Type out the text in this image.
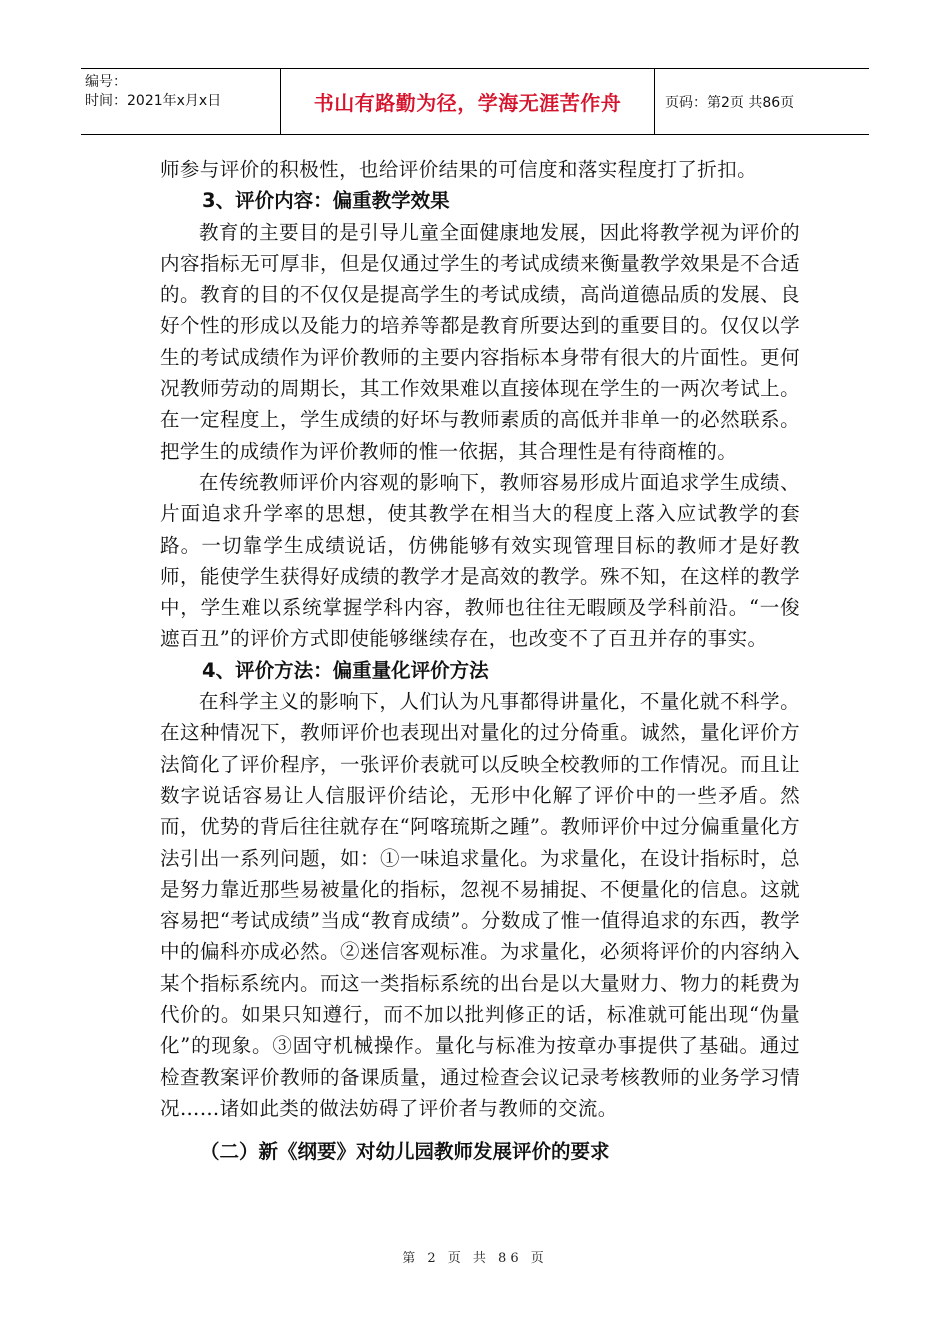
编号：
时间：2021年x月x日	书山有路勤为径，学海无涯苦作舟	页码：第2页 共86页

师参与评价的积极性，也给评价结果的可信度和落实程度打了折扣。

3、评价内容：偏重教学效果

教育的主要目的是引导儿童全面健康地发展，因此将教学视为评价的内容指标无可厚非，但是仅通过学生的考试成绩来衡量教学效果是不合适的。教育的目的不仅仅是提高学生的考试成绩，高尚道德品质的发展、良好个性的形成以及能力的培养等都是教育所要达到的重要目的。仅仅以学生的考试成绩作为评价教师的主要内容指标本身带有很大的片面性。更何况教师劳动的周期长，其工作效果难以直接体现在学生的一两次考试上。在一定程度上，学生成绩的好坏与教师素质的高低并非单一的必然联系。把学生的成绩作为评价教师的惟一依据，其合理性是有待商榷的。

在传统教师评价内容观的影响下，教师容易形成片面追求学生成绩、片面追求升学率的思想，使其教学在相当大的程度上落入应试教学的套路。一切靠学生成绩说话，仿佛能够有效实现管理目标的教师才是好教师，能使学生获得好成绩的教学才是高效的教学。殊不知，在这样的教学中，学生难以系统掌握学科内容，教师也往往无暇顾及学科前沿。“一俊遮百丑”的评价方式即使能够继续存在，也改变不了百丑并存的事实。

4、评价方法：偏重量化评价方法

在科学主义的影响下，人们认为凡事都得讲量化，不量化就不科学。在这种情况下，教师评价也表现出对量化的过分倚重。诚然，量化评价方法简化了评价程序，一张评价表就可以反映全校教师的工作情况。而且让数字说话容易让人信服评价结论，无形中化解了评价中的一些矛盾。然而，优势的背后往往就存在“阿喀琉斯之踵”。教师评价中过分偏重量化方法引出一系列问题，如：①一味追求量化。为求量化，在设计指标时，总是努力靠近那些易被量化的指标，忽视不易捕捉、不便量化的信息。这就容易把“考试成绩”当成“教育成绩”。分数成了惟一值得追求的东西，教学中的偏科亦成必然。②迷信客观标准。为求量化，必须将评价的内容纳入某个指标系统内。而这一类指标系统的出台是以大量财力、物力的耗费为代价的。如果只知遵行，而不加以批判修正的话，标准就可能出现“伪量化”的现象。③固守机械操作。量化与标准为按章办事提供了基础。通过检查教案评价教师的备课质量，通过检查会议记录考核教师的业务学习情况……诸如此类的做法妨碍了评价者与教师的交流。

（二）新《纲要》对幼儿园教师发展评价的要求
第 2 页 共 86 页
